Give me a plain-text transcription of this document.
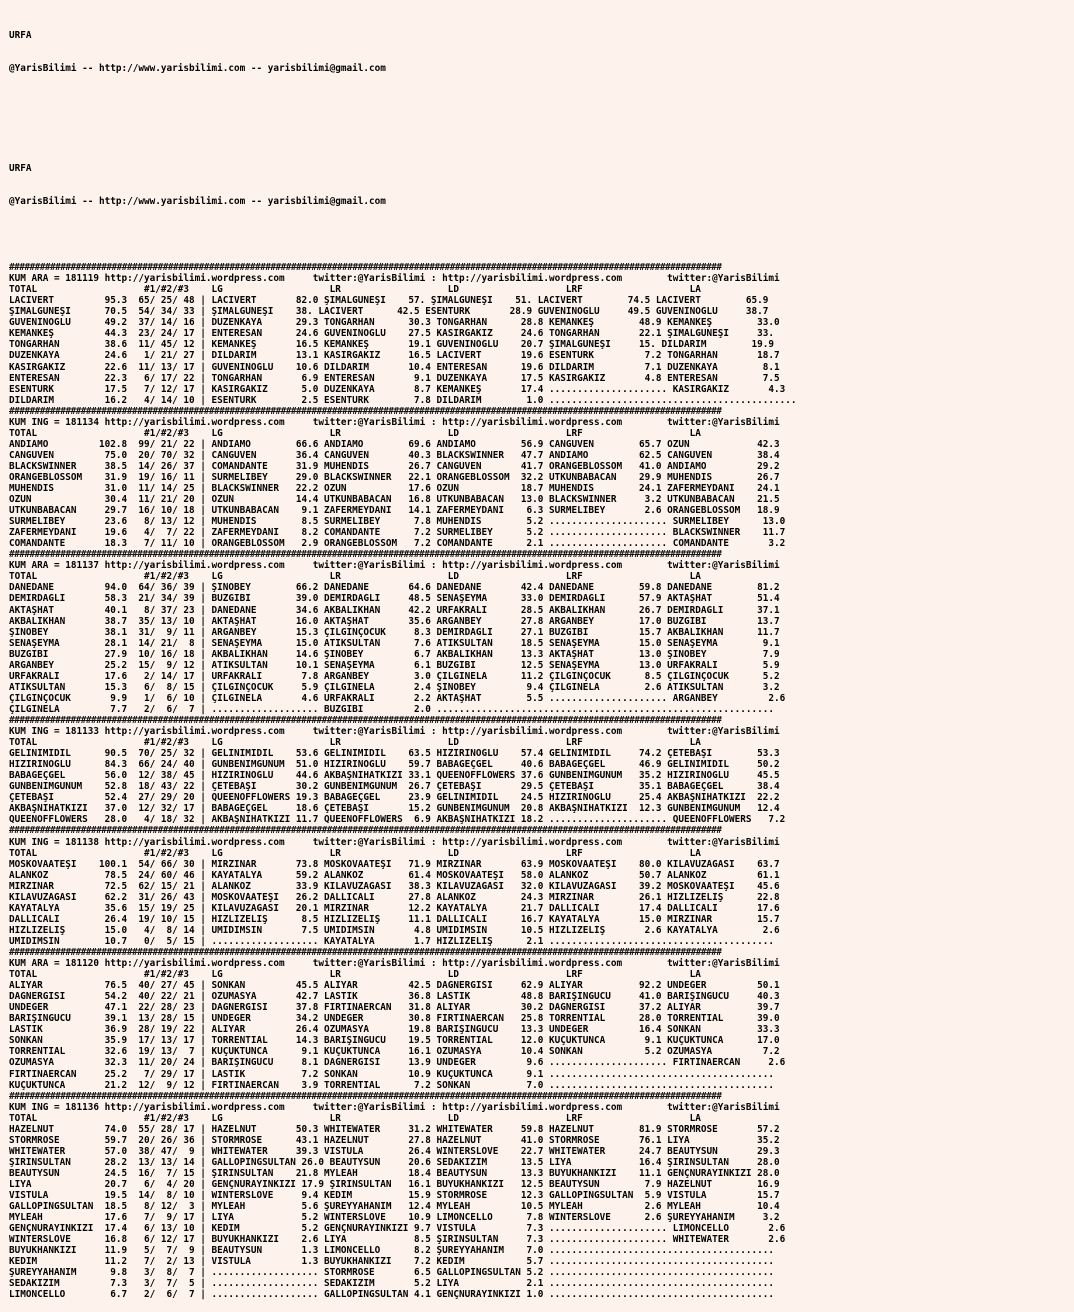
URFA

@YarisBilimi -- http://www.yarisbilimi.com -- yarisbilimi@gmail.com

URFA

@YarisBilimi -- http://www.yarisbilimi.com -- yarisbilimi@gmail.com

###########################################################################################################################################
KUM ARA = 181119 http://yarisbilimi.wordpress.com     twitter:@YarisBilimi : http://yarisbilimi.wordpress.com        twitter:@YarisBilimi
TOTAL                   #1/#2/#3    LG                   LR                   LD                   LRF                   LA
LACİVERT         95.3  65/ 25/ 48 | LACİVERT       82.0 ŞIMALGÜNEŞİ    57. ŞIMALGÜNEŞİ    51. LACİVERT        74.5 LACİVERT        65.9
ŞIMALGÜNEŞİ      70.5  54/ 34/ 33 | ŞIMALGÜNEŞİ    38. LACİVERT      42.5 ESENTÜRK       28.9 GÜVENİNOĞLU     49.5 GÜVENİNOĞLU     38.7
GÜVENİNOĞLU      49.2  37/ 14/ 16 | DÜZENKAYA      29.3 TONGARHAN      30.3 TONGARHAN      28.8 KEMANKEŞ        48.9 KEMANKEŞ        33.0
KEMANKEŞ         44.3  23/ 24/ 17 | ENTERESAN      24.6 GÜVENİNOĞLU    27.5 KASIRGAKIZ     24.6 TONGARHAN       22.1 ŞIMALGÜNEŞİ     33.
TONGARHAN        38.6  11/ 45/ 12 | KEMANKEŞ       16.5 KEMANKEŞ       19.1 GÜVENİNOĞLU    20.7 ŞIMALGÜNEŞİ     15. DİLDARIM        19.9
DÜZENKAYA        24.6   1/ 21/ 27 | DİLDARIM       13.1 KASIRGAKIZ     16.5 LACİVERT       19.6 ESENTÜRK         7.2 TONGARHAN       18.7
KASIRGAKIZ       22.6  11/ 13/ 17 | GÜVENİNOĞLU    10.6 DİLDARIM       10.4 ENTERESAN      19.6 DİLDARIM         7.1 DÜZENKAYA        8.1
ENTERESAN        22.3   6/ 17/ 22 | TONGARHAN       6.9 ENTERESAN       9.1 DÜZENKAYA      17.5 KASIRGAKIZ       4.8 ENTERESAN        7.5
ESENTÜRK         17.5   7/ 12/ 17 | KASIRGAKIZ      5.0 DÜZENKAYA       8.7 KEMANKEŞ       17.4 ..................... KASIRGAKIZ       4.3
DİLDARIM         16.2   4/ 14/ 10 | ESENTÜRK        2.5 ESENTÜRK        7.8 DİLDARIM        1.0 ............................................
###########################################################################################################################################
KUM İNG = 181134 http://yarisbilimi.wordpress.com     twitter:@YarisBilimi : http://yarisbilimi.wordpress.com        twitter:@YarisBilimi
TOTAL                   #1/#2/#3    LG                   LR                   LD                   LRF                   LA
ANDIAMO         102.8  99/ 21/ 22 | ANDIAMO        66.6 ANDIAMO        69.6 ANDIAMO        56.9 CANGUVEN        65.7 ÖZÜN            42.3
CANGUVEN         75.0  20/ 70/ 32 | CANGUVEN       36.4 CANGUVEN       40.3 BLACKSWINNER   47.7 ANDIAMO         62.5 CANGUVEN        38.4
BLACKSWINNER     38.5  14/ 26/ 37 | COMANDANTE     31.9 MÜHENDİS       26.7 CANGUVEN       41.7 ORANGEBLOSSOM   41.0 ANDIAMO         29.2
ORANGEBLOSSOM    31.9  19/ 16/ 11 | SURMELİBEY     29.0 BLACKSWINNER   22.1 ORANGEBLOSSOM  32.2 UTKUNBABACAN    29.9 MÜHENDİS        26.7
MÜHENDİS         31.0  11/ 14/ 25 | BLACKSWINNER   22.2 ÖZÜN           17.6 ÖZÜN           18.7 MÜHENDİS        24.1 ZAFERMEYDANI    24.1
ÖZÜN             30.4  11/ 21/ 20 | ÖZÜN           14.4 UTKUNBABACAN   16.8 UTKUNBABACAN   13.0 BLACKSWINNER     3.2 UTKUNBABACAN    21.5
UTKUNBABACAN     29.7  16/ 10/ 18 | UTKUNBABACAN    9.1 ZAFERMEYDANI   14.1 ZAFERMEYDANI    6.3 SURMELİBEY       2.6 ORANGEBLOSSOM   18.9
SURMELİBEY       23.6   8/ 13/ 12 | MÜHENDİS        8.5 SURMELİBEY      7.8 MÜHENDİS        5.2 ..................... SURMELİBEY      13.0
ZAFERMEYDANI     19.6   4/  7/ 22 | ZAFERMEYDANI    8.2 COMANDANTE      7.2 SURMELİBEY      5.2 ..................... BLACKSWINNER    11.7
COMANDANTE       18.3   7/ 11/ 10 | ORANGEBLOSSOM   2.9 ORANGEBLOSSOM   7.2 COMANDANTE      2.1 ..................... COMANDANTE       3.2
###########################################################################################################################################
KUM ARA = 181137 http://yarisbilimi.wordpress.com     twitter:@YarisBilimi : http://yarisbilimi.wordpress.com        twitter:@YarisBilimi
TOTAL                   #1/#2/#3    LG                   LR                   LD                   LRF                   LA
DANEDANE         94.0  64/ 36/ 39 | ŞİNOBEY        66.2 DANEDANE       64.6 DANEDANE       42.4 DANEDANE        59.8 DANEDANE        81.2
DEMİRDAĞLI       58.3  21/ 34/ 39 | BUZGİBİ        39.0 DEMİRDAĞLI     48.5 SENAŞEYMA      33.0 DEMİRDAĞLI      57.9 AKTAŞHAT        51.4
AKTAŞHAT         40.1   8/ 37/ 23 | DANEDANE       34.6 AKBALIKHAN     42.2 URFAKRALI      28.5 AKBALIKHAN      26.7 DEMİRDAĞLI      37.1
AKBALIKHAN       38.7  35/ 13/ 10 | AKTAŞHAT       16.0 AKTAŞHAT       35.6 ARGANBEY       27.8 ARGANBEY        17.0 BUZGİBİ         13.7
ŞİNOBEY          38.1  31/  9/ 11 | ARGANBEY       15.3 ÇILGINÇOCUK     8.3 DEMİRDAĞLI     27.1 BUZGİBİ         15.7 AKBALIKHAN      11.7
SENAŞEYMA        28.1  14/ 21/  8 | SENAŞEYMA      15.0 ATİKSULTAN      7.6 ATİKSULTAN     18.5 SENAŞEYMA       15.0 SENAŞEYMA        9.1
BUZGİBİ          27.9  10/ 16/ 18 | AKBALIKHAN     14.6 ŞİNOBEY         6.7 AKBALIKHAN     13.3 AKTAŞHAT        13.0 ŞİNOBEY          7.9
ARGANBEY         25.2  15/  9/ 12 | ATİKSULTAN     10.1 SENAŞEYMA       6.1 BUZGİBİ        12.5 SENAŞEYMA       13.0 URFAKRALI        5.9
URFAKRALI        17.6   2/ 14/ 17 | URFAKRALI       7.8 ARGANBEY        3.0 ÇILGINELA      11.2 ÇILGINÇOCUK      8.5 ÇILGINÇOCUK      5.2
ATİKSULTAN       15.3   6/  8/ 15 | ÇILGINÇOCUK     5.9 ÇILGINELA       2.4 ŞİNOBEY         9.4 ÇILGINELA        2.6 ATİKSULTAN       3.2
ÇILGINÇOCUK       9.9   1/  6/ 10 | ÇILGINELA       4.6 URFAKRALI       2.2 AKTAŞHAT        5.5 ..................... ARGANBEY         2.6
ÇILGINELA         7.7   2/  6/  7 | ................... BUZGİBİ         2.0 ............................................................
###########################################################################################################################################
KUM İNG = 181133 http://yarisbilimi.wordpress.com     twitter:@YarisBilimi : http://yarisbilimi.wordpress.com        twitter:@YarisBilimi
TOTAL                   #1/#2/#3    LG                   LR                   LD                   LRF                   LA
GELİNİMİDİL      90.5  70/ 25/ 32 | GELİNİMİDİL    53.6 GELİNİMİDİL    63.5 HIZIRINOĞLU    57.4 GELİNİMİDİL     74.2 ÇETEBAŞI        53.3
HIZIRINOĞLU      84.3  66/ 24/ 40 | GÜNBENİMGÜNÜM  51.0 HIZIRINOĞLU    59.7 BABAGEÇGEL     40.6 BABAGEÇGEL      46.9 GELİNİMİDİL     50.2
BABAGEÇGEL       56.0  12/ 38/ 45 | HIZIRINOĞLU    44.6 AKBAŞNİHATKIZI 33.1 QUEENOFFLOWERS 37.6 GÜNBENİMGÜNÜM   35.2 HIZIRINOĞLU     45.5
GÜNBENİMGÜNÜM    52.8  18/ 43/ 22 | ÇETEBAŞI       30.2 GÜNBENİMGÜNÜM  26.7 ÇETEBAŞI       29.5 ÇETEBAŞI        35.1 BABAGEÇGEL      38.4
ÇETEBAŞI         52.4  27/ 29/ 20 | QUEENOFFLOWERS 19.3 BABAGEÇGEL     23.9 GELİNİMİDİL    24.5 HIZIRINOĞLU     25.4 AKBAŞNİHATKIZI  22.2
AKBAŞNİHATKIZI   37.0  12/ 32/ 17 | BABAGEÇGEL     18.6 ÇETEBAŞI       15.2 GÜNBENİMGÜNÜM  20.8 AKBAŞNİHATKIZI  12.3 GÜNBENİMGÜNÜM   12.4
QUEENOFFLOWERS   28.0   4/ 18/ 32 | AKBAŞNİHATKIZI 11.7 QUEENOFFLOWERS  6.9 AKBAŞNİHATKIZI 18.2 ..................... QUEENOFFLOWERS   7.2
###########################################################################################################################################
KUM İNG = 181138 http://yarisbilimi.wordpress.com     twitter:@YarisBilimi : http://yarisbilimi.wordpress.com        twitter:@YarisBilimi
TOTAL                   #1/#2/#3    LG                   LR                   LD                   LRF                   LA
MOSKOVAATEŞİ    100.1  54/ 66/ 30 | MİRZINAR       73.8 MOSKOVAATEŞİ   71.9 MİRZINAR       63.9 MOSKOVAATEŞİ    80.0 KILAVUZAĞASI    63.7
ALANKOZ          78.5  24/ 60/ 46 | KAYATALYA      59.2 ALANKOZ        61.4 MOSKOVAATEŞİ   58.0 ALANKOZ         50.7 ALANKOZ         61.1
MİRZINAR         72.5  62/ 15/ 21 | ALANKOZ        33.9 KILAVUZAĞASI   38.3 KILAVUZAĞASI   32.0 KILAVUZAĞASI    39.2 MOSKOVAATEŞİ    45.6
KILAVUZAĞASI     62.2  31/ 26/ 43 | MOSKOVAATEŞİ   26.2 DALLICALI      27.8 ALANKOZ        24.3 MİRZINAR        26.1 HIZLIZELİŞ      22.8
KAYATALYA        35.6  15/ 19/ 25 | KILAVUZAĞASI   20.1 MİRZINAR       12.2 KAYATALYA      21.7 DALLICALI       17.4 DALLICALI       17.6
DALLICALI        26.4  19/ 10/ 15 | HIZLIZELİŞ      8.5 HIZLIZELİŞ     11.1 DALLICALI      16.7 KAYATALYA       15.0 MİRZINAR        15.7
HIZLIZELİŞ       15.0   4/  8/ 14 | ÜMİDİMSİN       7.5 ÜMİDİMSİN       4.8 ÜMİDİMSİN      10.5 HIZLIZELİŞ       2.6 KAYATALYA        2.6
ÜMİDİMSİN        10.7   0/  5/ 15 | ................... KAYATALYA       1.7 HIZLIZELİŞ      2.1 ........................................
###########################################################################################################################################
KUM ARA = 181120 http://yarisbilimi.wordpress.com     twitter:@YarisBilimi : http://yarisbilimi.wordpress.com        twitter:@YarisBilimi
TOTAL                   #1/#2/#3    LG                   LR                   LD                   LRF                   LA
ALİYAR           76.5  40/ 27/ 45 | SONKAN         45.5 ALİYAR         42.5 DAĞNERGİSİ     62.9 ALİYAR          92.2 ÜNDEĞER         50.1
DAĞNERGİSİ       54.2  40/ 22/ 21 | ÖZÜMASYA       42.7 LASTİK         36.8 LASTİK         48.8 BARIŞINGÜCÜ     41.0 BARIŞINGÜCÜ     40.3
ÜNDEĞER          47.1  22/ 28/ 23 | DAĞNERGİSİ     37.8 FIRTINAERCAN   31.8 ALİYAR         30.2 DAĞNERGİSİ      37.2 ALİYAR          39.7
BARIŞINGÜCÜ      39.1  13/ 28/ 15 | ÜNDEĞER        34.2 ÜNDEĞER        30.8 FIRTINAERCAN   25.8 TORRENTİAL      28.0 TORRENTİAL      39.0
LASTİK           36.9  28/ 19/ 22 | ALİYAR         26.4 ÖZÜMASYA       19.8 BARIŞINGÜCÜ    13.3 ÜNDEĞER         16.4 SONKAN          33.3
SONKAN           35.9  17/ 13/ 17 | TORRENTİAL     14.3 BARIŞINGÜCÜ    19.5 TORRENTİAL     12.0 KÜÇÜKTUNCA       9.1 KÜÇÜKTUNCA      17.0
TORRENTİAL       32.6  19/ 13/  7 | KÜÇÜKTUNCA      9.1 KÜÇÜKTUNCA     16.1 ÖZÜMASYA       10.4 SONKAN           5.2 ÖZÜMASYA         7.2
ÖZÜMASYA         32.3  11/ 20/ 24 | BARIŞINGÜCÜ     8.1 DAĞNERGİSİ     13.9 ÜNDEĞER         9.6 ..................... FIRTINAERCAN     2.6
FIRTINAERCAN     25.2   7/ 29/ 17 | LASTİK          7.2 SONKAN         10.9 KÜÇÜKTUNCA      9.1 ........................................
KÜÇÜKTUNCA       21.2  12/  9/ 12 | FIRTINAERCAN    3.9 TORRENTİAL      7.2 SONKAN          7.0 ........................................
###########################################################################################################################################
KUM İNG = 181136 http://yarisbilimi.wordpress.com     twitter:@YarisBilimi : http://yarisbilimi.wordpress.com        twitter:@YarisBilimi
TOTAL                   #1/#2/#3    LG                   LR                   LD                   LRF                   LA
HAZELNUT         74.0  55/ 28/ 17 | HAZELNUT       50.3 WHITEWATER     31.2 WHITEWATER     59.8 HAZELNUT        81.9 STORMROSE       57.2
STORMROSE        59.7  20/ 26/ 36 | STORMROSE      43.1 HAZELNUT       27.8 HAZELNUT       41.0 STORMROSE       76.1 LİYA            35.2
WHITEWATER       57.0  38/ 47/  9 | WHITEWATER     39.3 VİSTULA        26.4 WINTERSLOVE    22.7 WHITEWATER      24.7 BEAUTYSUN       29.3
ŞİRİNSULTAN      28.2  13/ 13/ 14 | GALLOPINGSULTAN 26.0 BEAUTYSUN     20.6 SEDAKIZIM      13.5 LİYA            16.4 ŞİRİNSULTAN     28.0
BEAUTYSUN        24.5  16/  7/ 15 | ŞİRİNSULTAN    21.8 MYLEAH         18.4 BEAUTYSUN      13.3 BÜYÜKHANKIZI    11.1 GENÇNURAYINKIZI 28.0
LİYA             20.7   6/  4/ 20 | GENÇNURAYINKIZI 17.9 ŞİRİNSULTAN   16.1 BÜYÜKHANKIZI   12.5 BEAUTYSUN        7.9 HAZELNUT        16.9
VİSTULA          19.5  14/  8/ 10 | WINTERSLOVE     9.4 KEDİM          15.9 STORMROSE      12.3 GALLOPINGSULTAN  5.9 VİSTULA         15.7
GALLOPINGSULTAN  18.5   8/ 12/  3 | MYLEAH          5.6 ŞUREYYAHANIM   12.4 MYLEAH         10.5 MYLEAH           2.6 MYLEAH          10.4
MYLEAH           17.6   7/  9/ 17 | LİYA            5.2 WINTERSLOVE    10.9 LİMONCELLO      7.8 WINTERSLOVE      2.6 ŞUREYYAHANIM     3.2
GENÇNURAYINKIZI  17.4   6/ 13/ 10 | KEDİM           5.2 GENÇNURAYINKIZI 9.7 VİSTULA         7.3 ..................... LİMONCELLO       2.6
WINTERSLOVE      16.8   6/ 12/ 17 | BÜYÜKHANKIZI    2.6 LİYA            8.5 ŞİRİNSULTAN     7.3 ..................... WHITEWATER       2.6
BÜYÜKHANKIZI     11.9   5/  7/  9 | BEAUTYSUN       1.3 LİMONCELLO      8.2 ŞUREYYAHANIM    7.0 ........................................
KEDİM            11.2   7/  2/ 13 | VİSTULA         1.3 BÜYÜKHANKIZI    7.2 KEDİM           5.7 ........................................
ŞUREYYAHANIM      9.8   3/  8/  7 | ................... STORMROSE       6.5 GALLOPINGSULTAN 5.2 ........................................
SEDAKIZIM         7.3   3/  7/  5 | ................... SEDAKIZIM       5.2 LİYA            2.1 ........................................
LİMONCELLO        6.7   2/  6/  7 | ................... GALLOPINGSULTAN 4.1 GENÇNURAYINKIZI 1.0 ........................................
